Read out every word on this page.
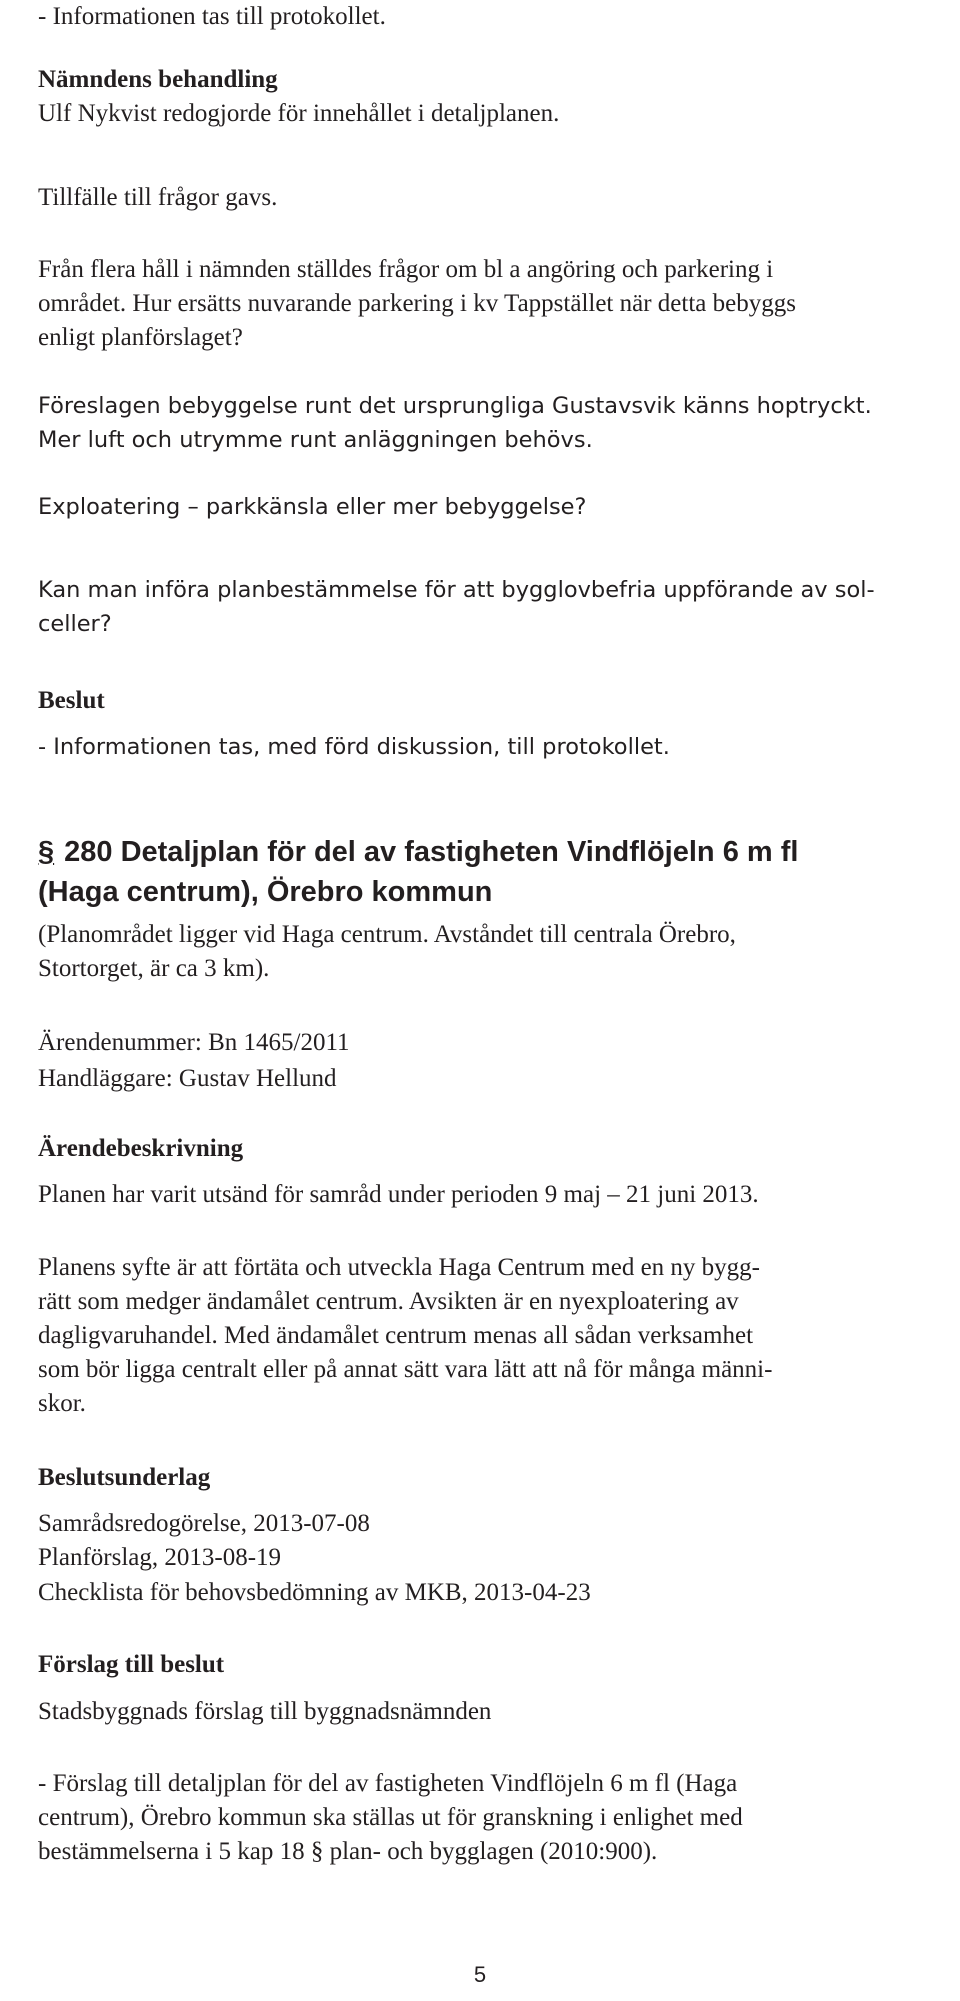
- Informationen tas till protokollet.

Nämndens behandling

Ulf Nykvist redogjorde för innehållet i detaljplanen.

Tillfälle till frågor gavs.

Från flera håll i nämnden ställdes frågor om bl a angöring och parkering i
området. Hur ersätts nuvarande parkering i kv Tappstället när detta bebyggs
enligt planförslaget?

Föreslagen bebyggelse runt det ursprungliga Gustavsvik känns hoptryckt.
Mer luft och utrymme runt anläggningen behövs.

Exploatering – parkkänsla eller mer bebyggelse?

Kan man införa planbestämmelse för att bygglovbefria uppförande av sol-
celler?

Beslut

- Informationen tas, med förd diskussion, till protokollet.

§ 280 Detaljplan för del av fastigheten Vindflöjeln 6 m fl
(Haga centrum), Örebro kommun

(Planområdet ligger vid Haga centrum. Avståndet till centrala Örebro,
Stortorget, är ca 3 km).

Ärendenummer: Bn 1465/2011

Handläggare: Gustav Hellund

Ärendebeskrivning

Planen har varit utsänd för samråd under perioden 9 maj – 21 juni 2013.

Planens syfte är att förtäta och utveckla Haga Centrum med en ny bygg-
rätt som medger ändamålet centrum. Avsikten är en nyexploatering av
dagligvaruhandel. Med ändamålet centrum menas all sådan verksamhet
som bör ligga centralt eller på annat sätt vara lätt att nå för många männi-
skor.

Beslutsunderlag

Samrådsredogörelse, 2013-07-08

Planförslag, 2013-08-19

Checklista för behovsbedömning av MKB, 2013-04-23

Förslag till beslut

Stadsbyggnads förslag till byggnadsnämnden

- Förslag till detaljplan för del av fastigheten Vindflöjeln 6 m fl (Haga
centrum), Örebro kommun ska ställas ut för granskning i enlighet med
bestämmelserna i 5 kap 18 § plan- och bygglagen (2010:900).

5
